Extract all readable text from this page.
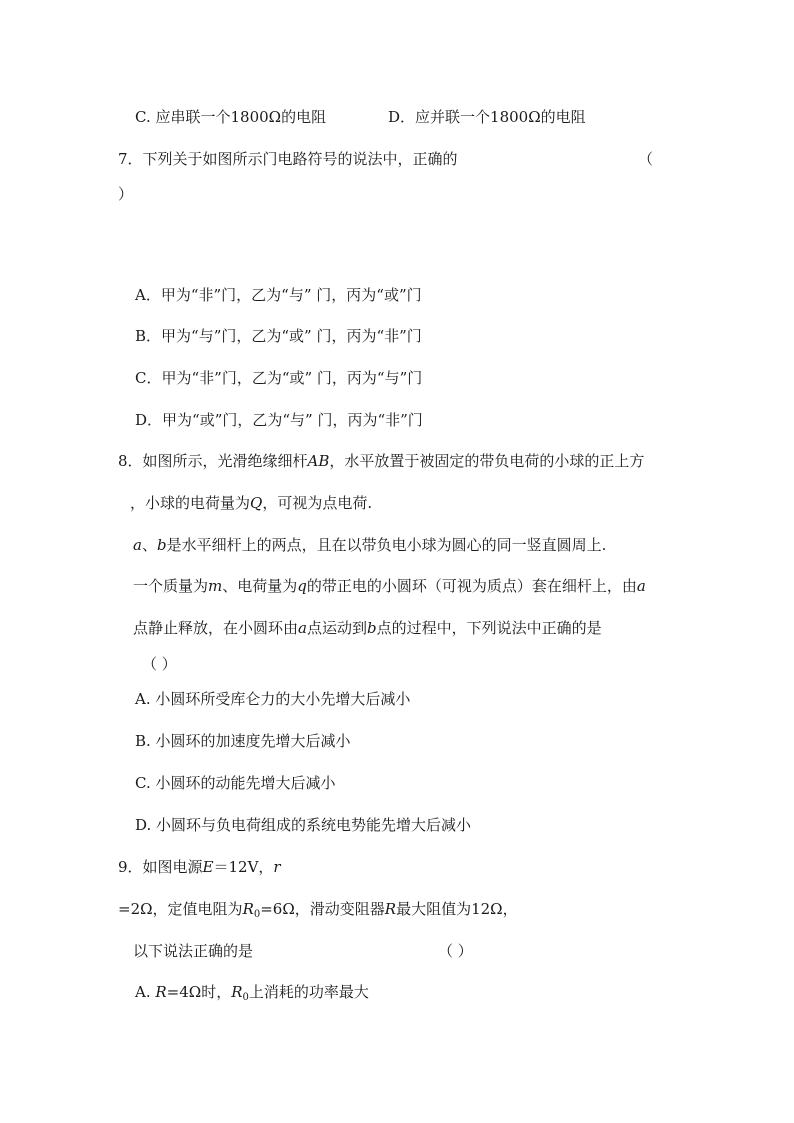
C. 应串联一个1800Ω的电阻	D．应并联一个1800Ω的电阻
7．下列关于如图所示门电路符号的说法中，正确的	（
）
A．甲为“非”门，乙为“与” 门，丙为“或”门
B．甲为“与”门，乙为“或” 门，丙为“非”门
C．甲为“非”门，乙为“或” 门，丙为“与”门
D．甲为“或”门，乙为“与” 门，丙为“非”门
8．如图所示，光滑绝缘细杆AB，水平放置于被固定的带负电荷的小球的正上方
，小球的电荷量为Q，可视为点电荷.
a、b是水平细杆上的两点，且在以带负电小球为圆心的同一竖直圆周上.
一个质量为m、电荷量为q的带正电的小圆环（可视为质点）套在细杆上，由a
点静止释放，在小圆环由a点运动到b点的过程中，下列说法中正确的是
（ ）
A. 小圆环所受库仑力的大小先增大后减小
B. 小圆环的加速度先增大后减小
C. 小圆环的动能先增大后减小
D. 小圆环与负电荷组成的系统电势能先增大后减小
9．如图电源E＝12V，r
=2Ω，定值电阻为$R_0=6\Omega$，滑动变阻器R最大阻值为12Ω，
以下说法正确的是	（ ）
A. R=4Ω时，$R_0$上消耗的功率最大
